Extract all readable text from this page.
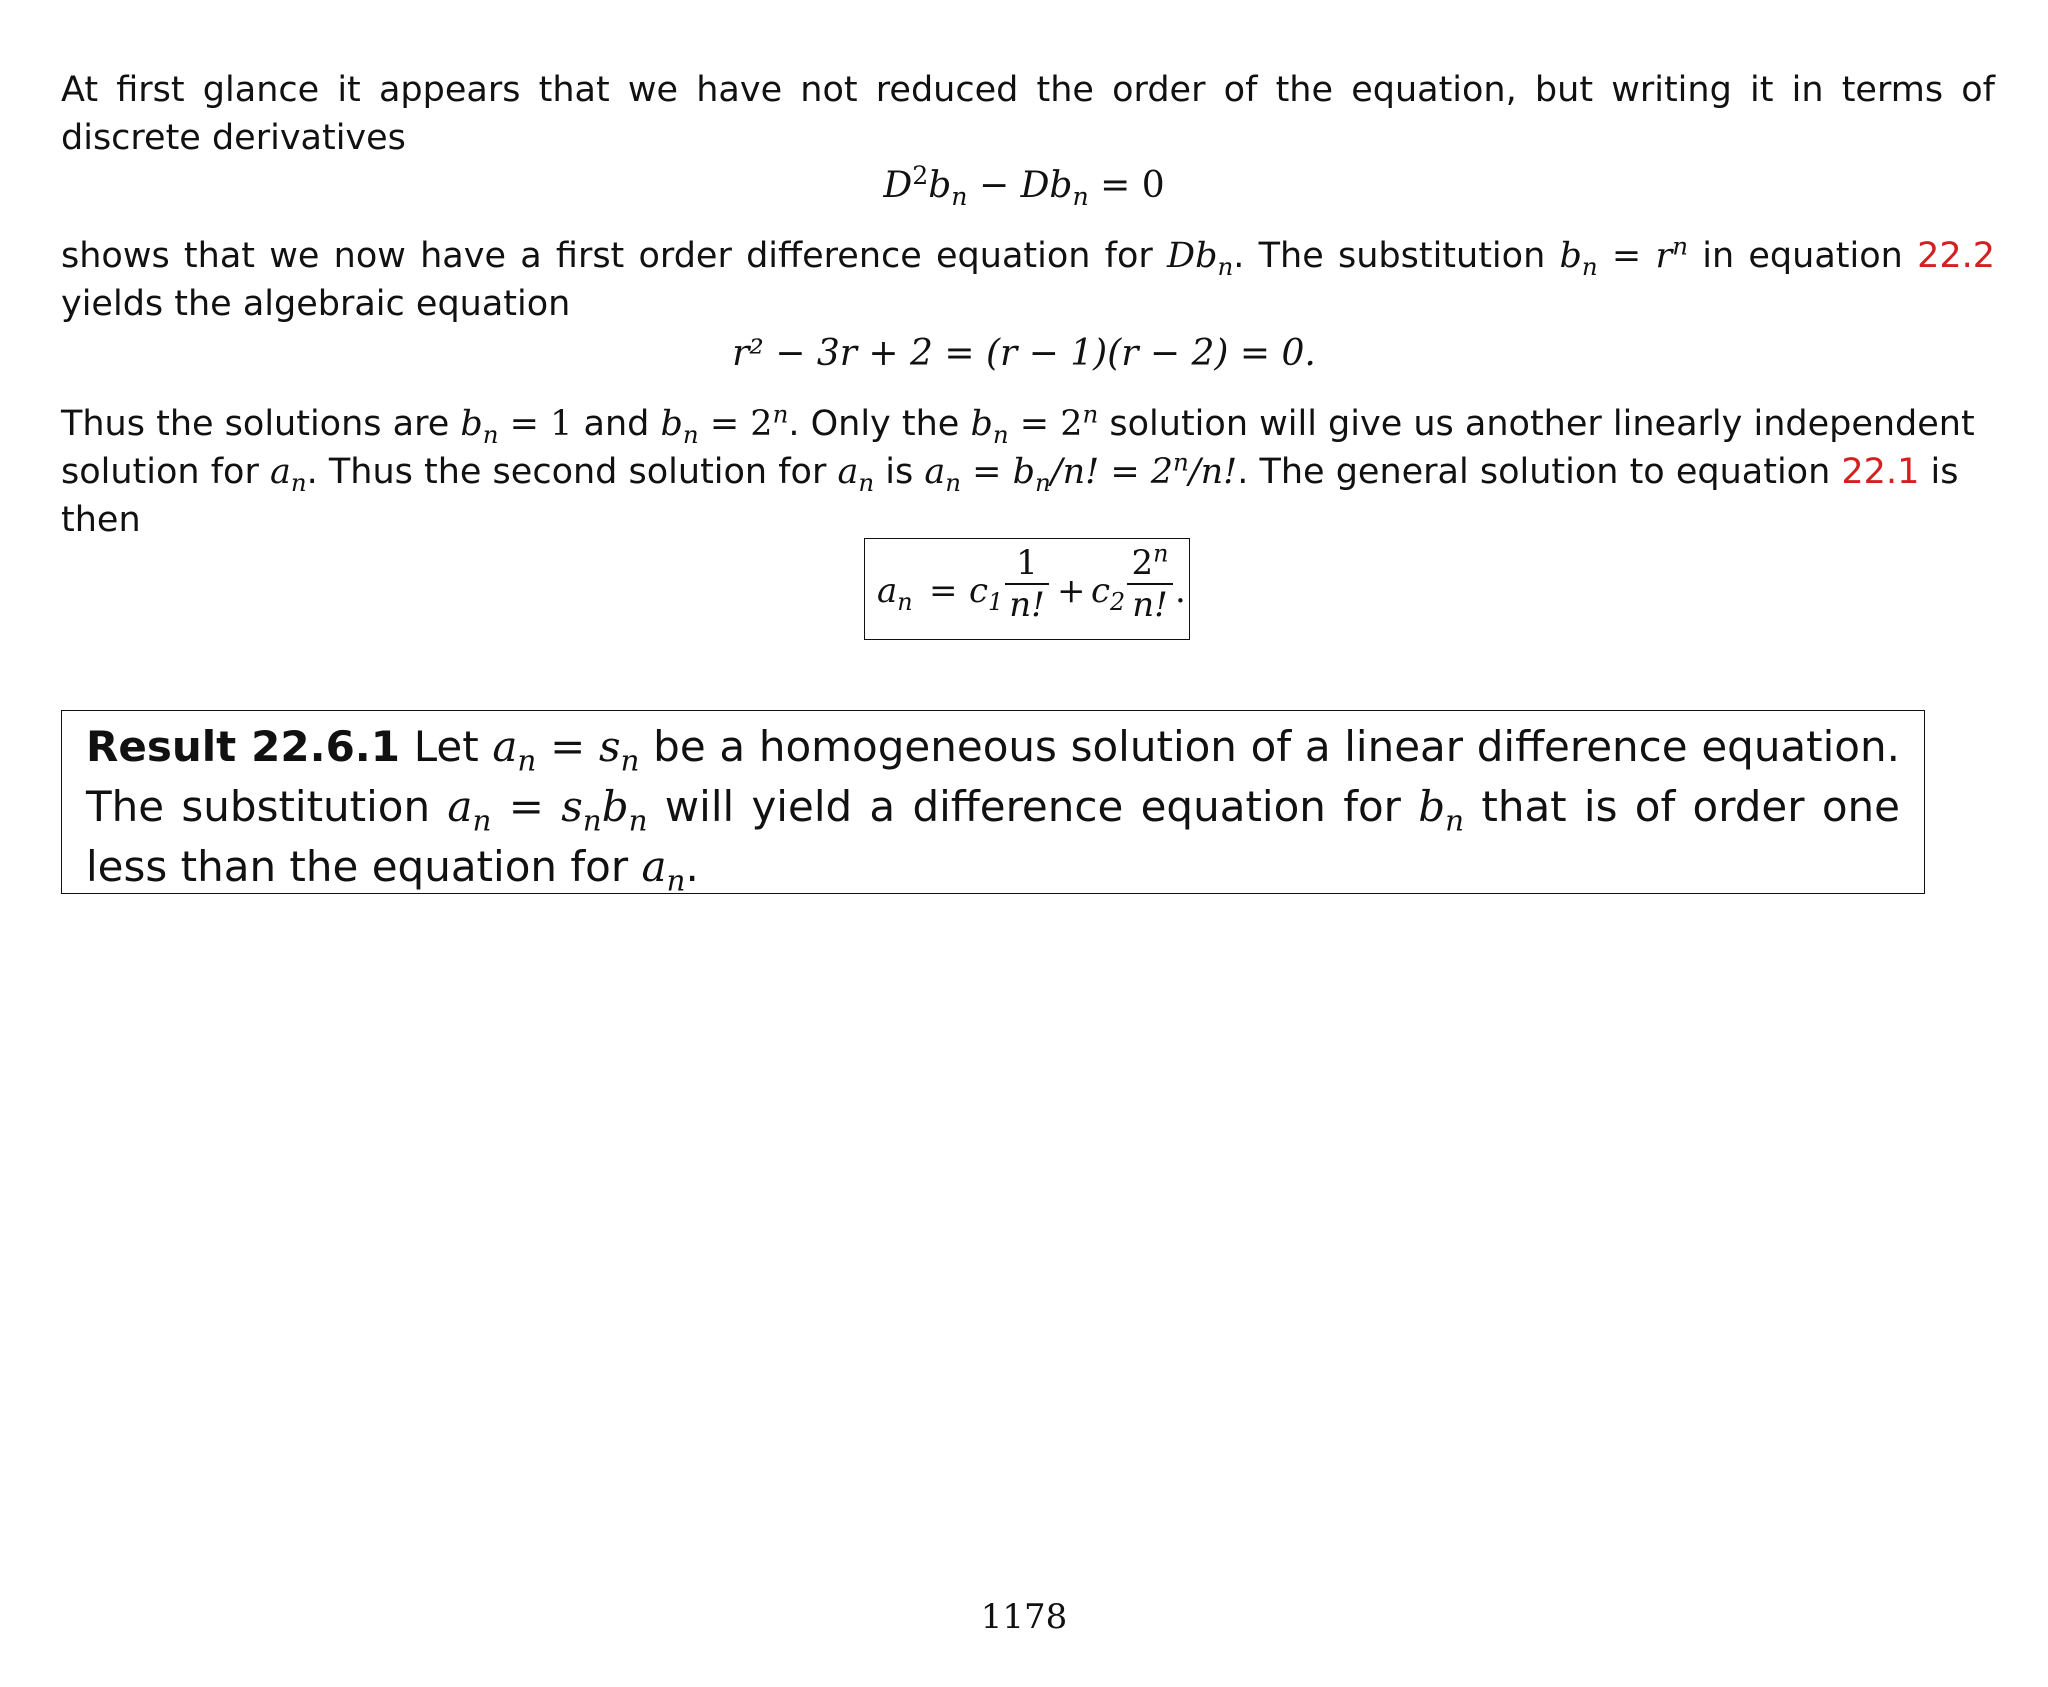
At first glance it appears that we have not reduced the order of the equation, but writing it in terms of discrete derivatives

$D^2b_n - Db_n = 0$

shows that we now have a first order difference equation for $Db_n$. The substitution $b_n = r^n$ in equation 22.2 yields the algebraic equation

r² − 3r + 2 = (r − 1)(r − 2) = 0.

Thus the solutions are $b_n = 1$ and $b_n = 2^n$. Only the $b_n = 2^n$ solution will give us another linearly independent solution for $a_n$. Thus the second solution for $a_n$ is $a_n = b_n/n$! = $2^n/n$!. The general solution to equation 22.1 is then

$a_n = c_1$
1
n! + $c_2$
2$^n$
n! .
Result 22.6.1 Let $a_n = s_n$ be a homogeneous solution of a linear difference equation. The substitution $a_n = s_nb_n$ will yield a difference equation for $b_n$ that is of order one less than the equation for $a_n$.
1178
